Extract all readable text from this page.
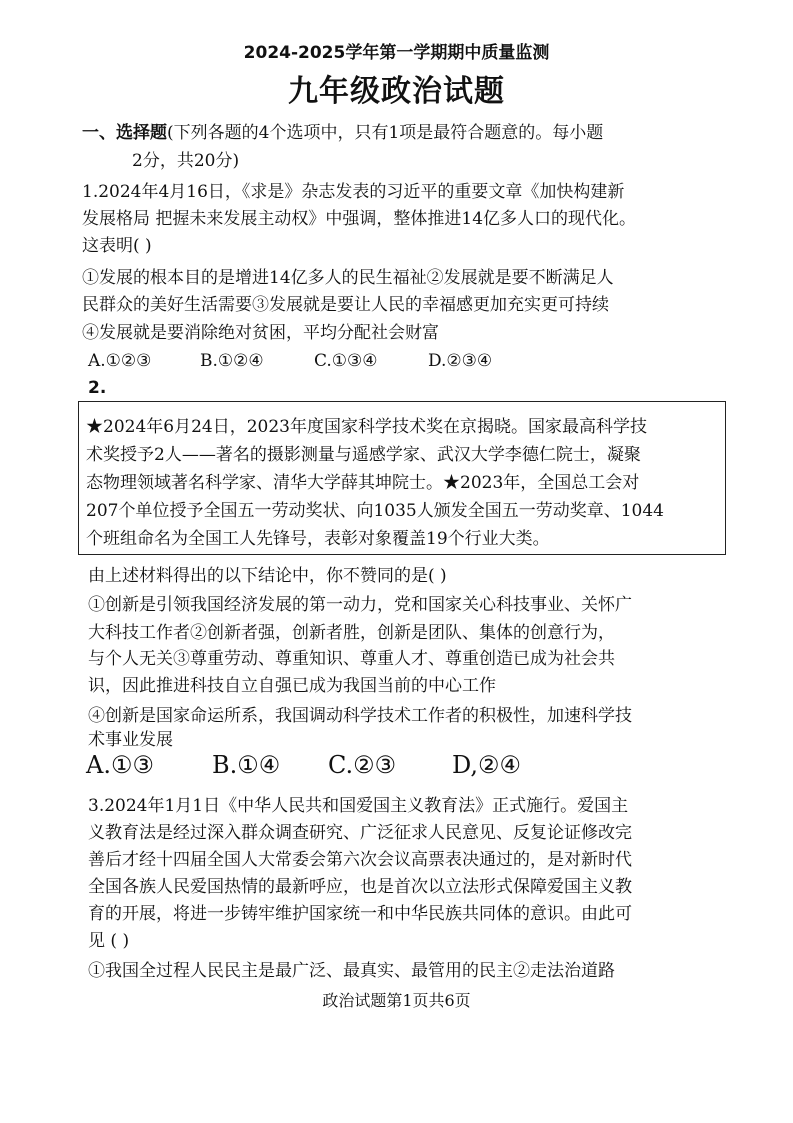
2024-2025学年第一学期期中质量监测
九年级政治试题
一、选择题(下列各题的4个选项中，只有1项是最符合题意的。每小题
2分，共20分)
1.2024年4月16日，《求是》杂志发表的习近平的重要文章《加快构建新
发展格局 把握未来发展主动权》中强调，整体推进14亿多人口的现代化。
这表明( )
①发展的根本目的是增进14亿多人的民生福祉②发展就是要不断满足人
民群众的美好生活需要③发展就是要让人民的幸福感更加充实更可持续
④发展就是要消除绝对贫困，平均分配社会财富
A.①②③	B.①②④	C.①③④	D.②③④
2.
★2024年6月24日，2023年度国家科学技术奖在京揭晓。国家最高科学技
术奖授予2人——著名的摄影测量与遥感学家、武汉大学李德仁院士，凝聚
态物理领域著名科学家、清华大学薛其坤院士。★2023年，全国总工会对
207个单位授予全国五一劳动奖状、向1035人颁发全国五一劳动奖章、1044
个班组命名为全国工人先锋号，表彰对象覆盖19个行业大类。
由上述材料得出的以下结论中，你不赞同的是( )
①创新是引领我国经济发展的第一动力，党和国家关心科技事业、关怀广
大科技工作者②创新者强，创新者胜，创新是团队、集体的创意行为，
与个人无关③尊重劳动、尊重知识、尊重人才、尊重创造已成为社会共
识，因此推进科技自立自强已成为我国当前的中心工作
④创新是国家命运所系，我国调动科学技术工作者的积极性，加速科学技
术事业发展
A.①③ B.①④ C.②③ D,②④
3.2024年1月1日《中华人民共和国爱国主义教育法》正式施行。爱国主
义教育法是经过深入群众调查研究、广泛征求人民意见、反复论证修改完
善后才经十四届全国人大常委会第六次会议高票表决通过的，是对新时代
全国各族人民爱国热情的最新呼应，也是首次以立法形式保障爱国主义教
育的开展，将进一步铸牢维护国家统一和中华民族共同体的意识。由此可
见 ( )
①我国全过程人民民主是最广泛、最真实、最管用的民主②走法治道路
政治试题第1页共6页
